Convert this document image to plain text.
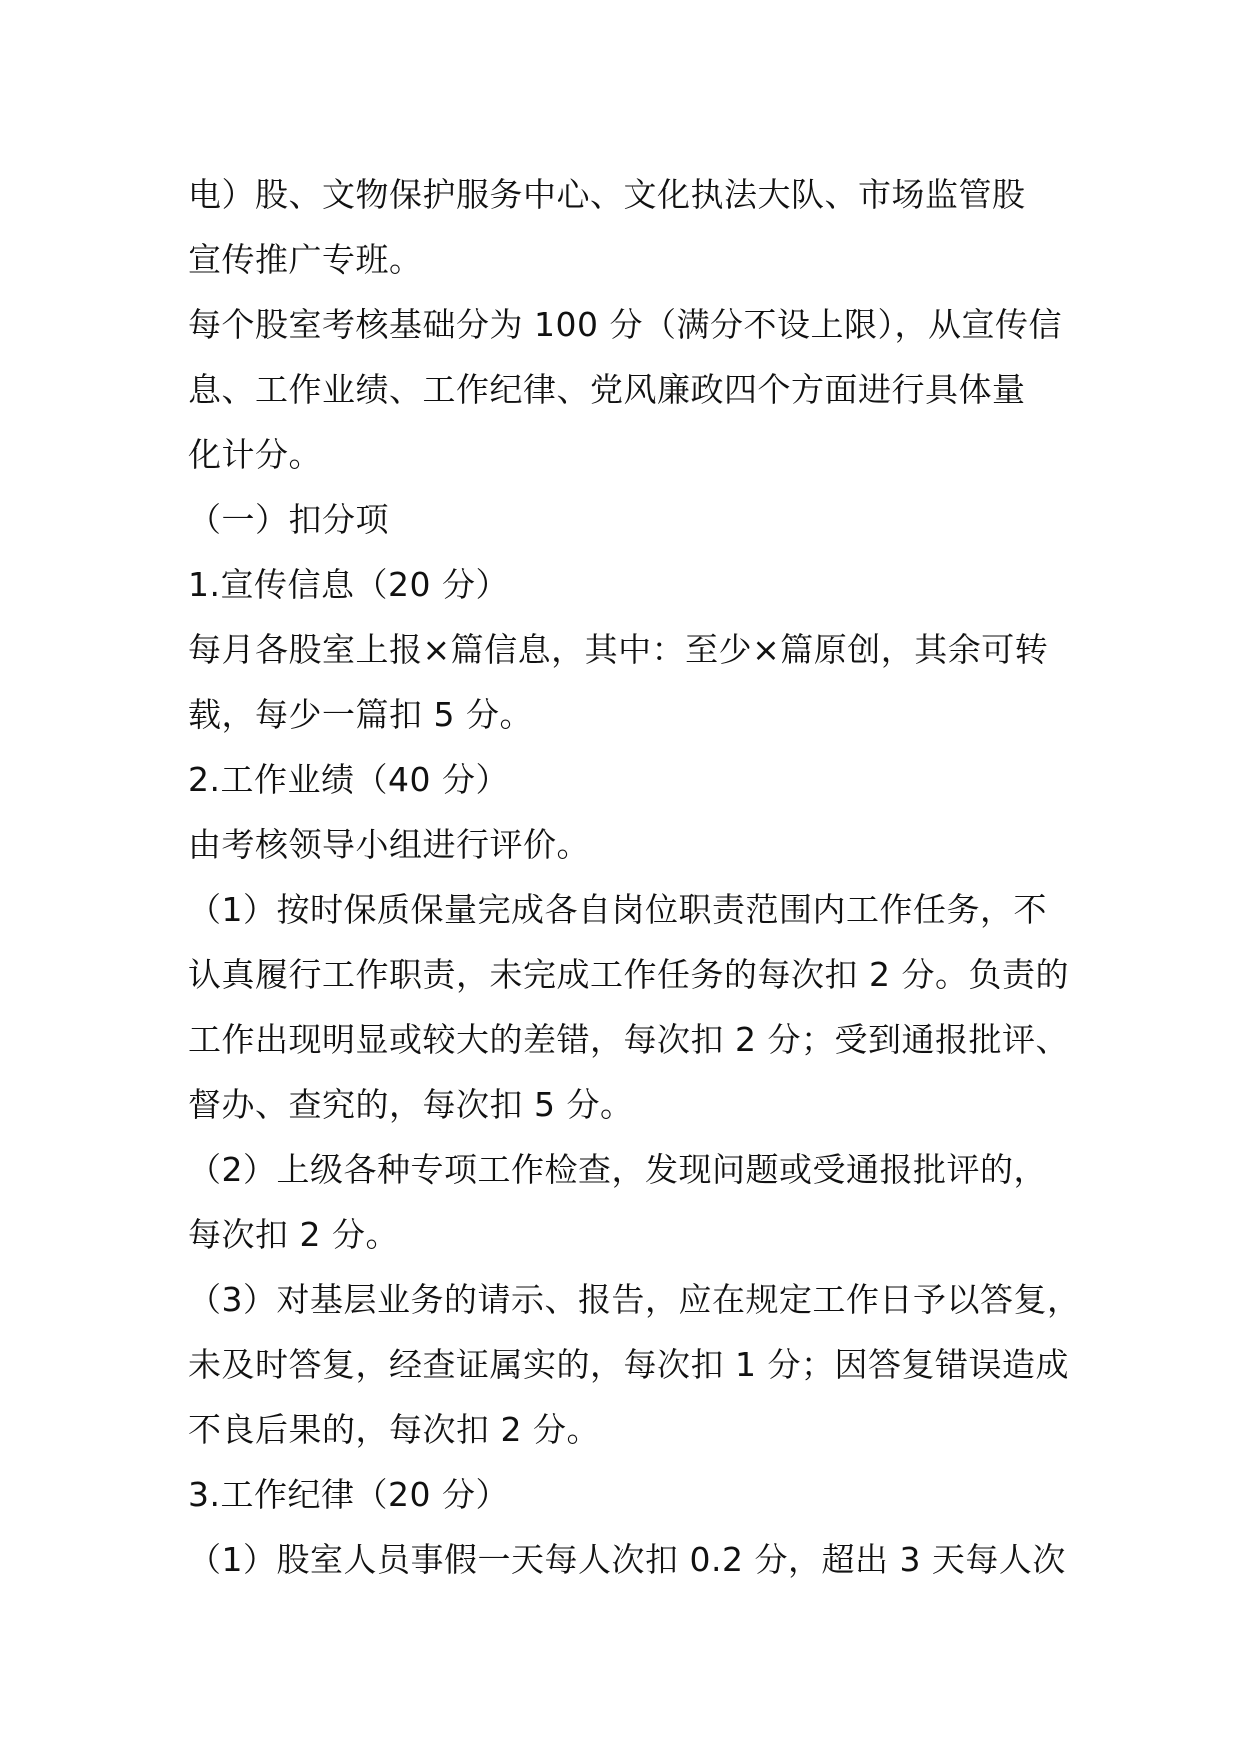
电）股、文物保护服务中心、文化执法大队、市场监管股
宣传推广专班。
每个股室考核基础分为 100 分（满分不设上限），从宣传信
息、工作业绩、工作纪律、党风廉政四个方面进行具体量
化计分。
（一）扣分项
1.宣传信息（20 分）
每月各股室上报×篇信息，其中：至少×篇原创，其余可转
载，每少一篇扣 5 分。
2.工作业绩（40 分）
由考核领导小组进行评价。
（1）按时保质保量完成各自岗位职责范围内工作任务，不
认真履行工作职责，未完成工作任务的每次扣 2 分。负责的
工作出现明显或较大的差错，每次扣 2 分；受到通报批评、
督办、查究的，每次扣 5 分。
（2）上级各种专项工作检查，发现问题或受通报批评的，
每次扣 2 分。
（3）对基层业务的请示、报告，应在规定工作日予以答复，
未及时答复，经查证属实的，每次扣 1 分；因答复错误造成
不良后果的，每次扣 2 分。
3.工作纪律（20 分）
（1）股室人员事假一天每人次扣 0.2 分，超出 3 天每人次
